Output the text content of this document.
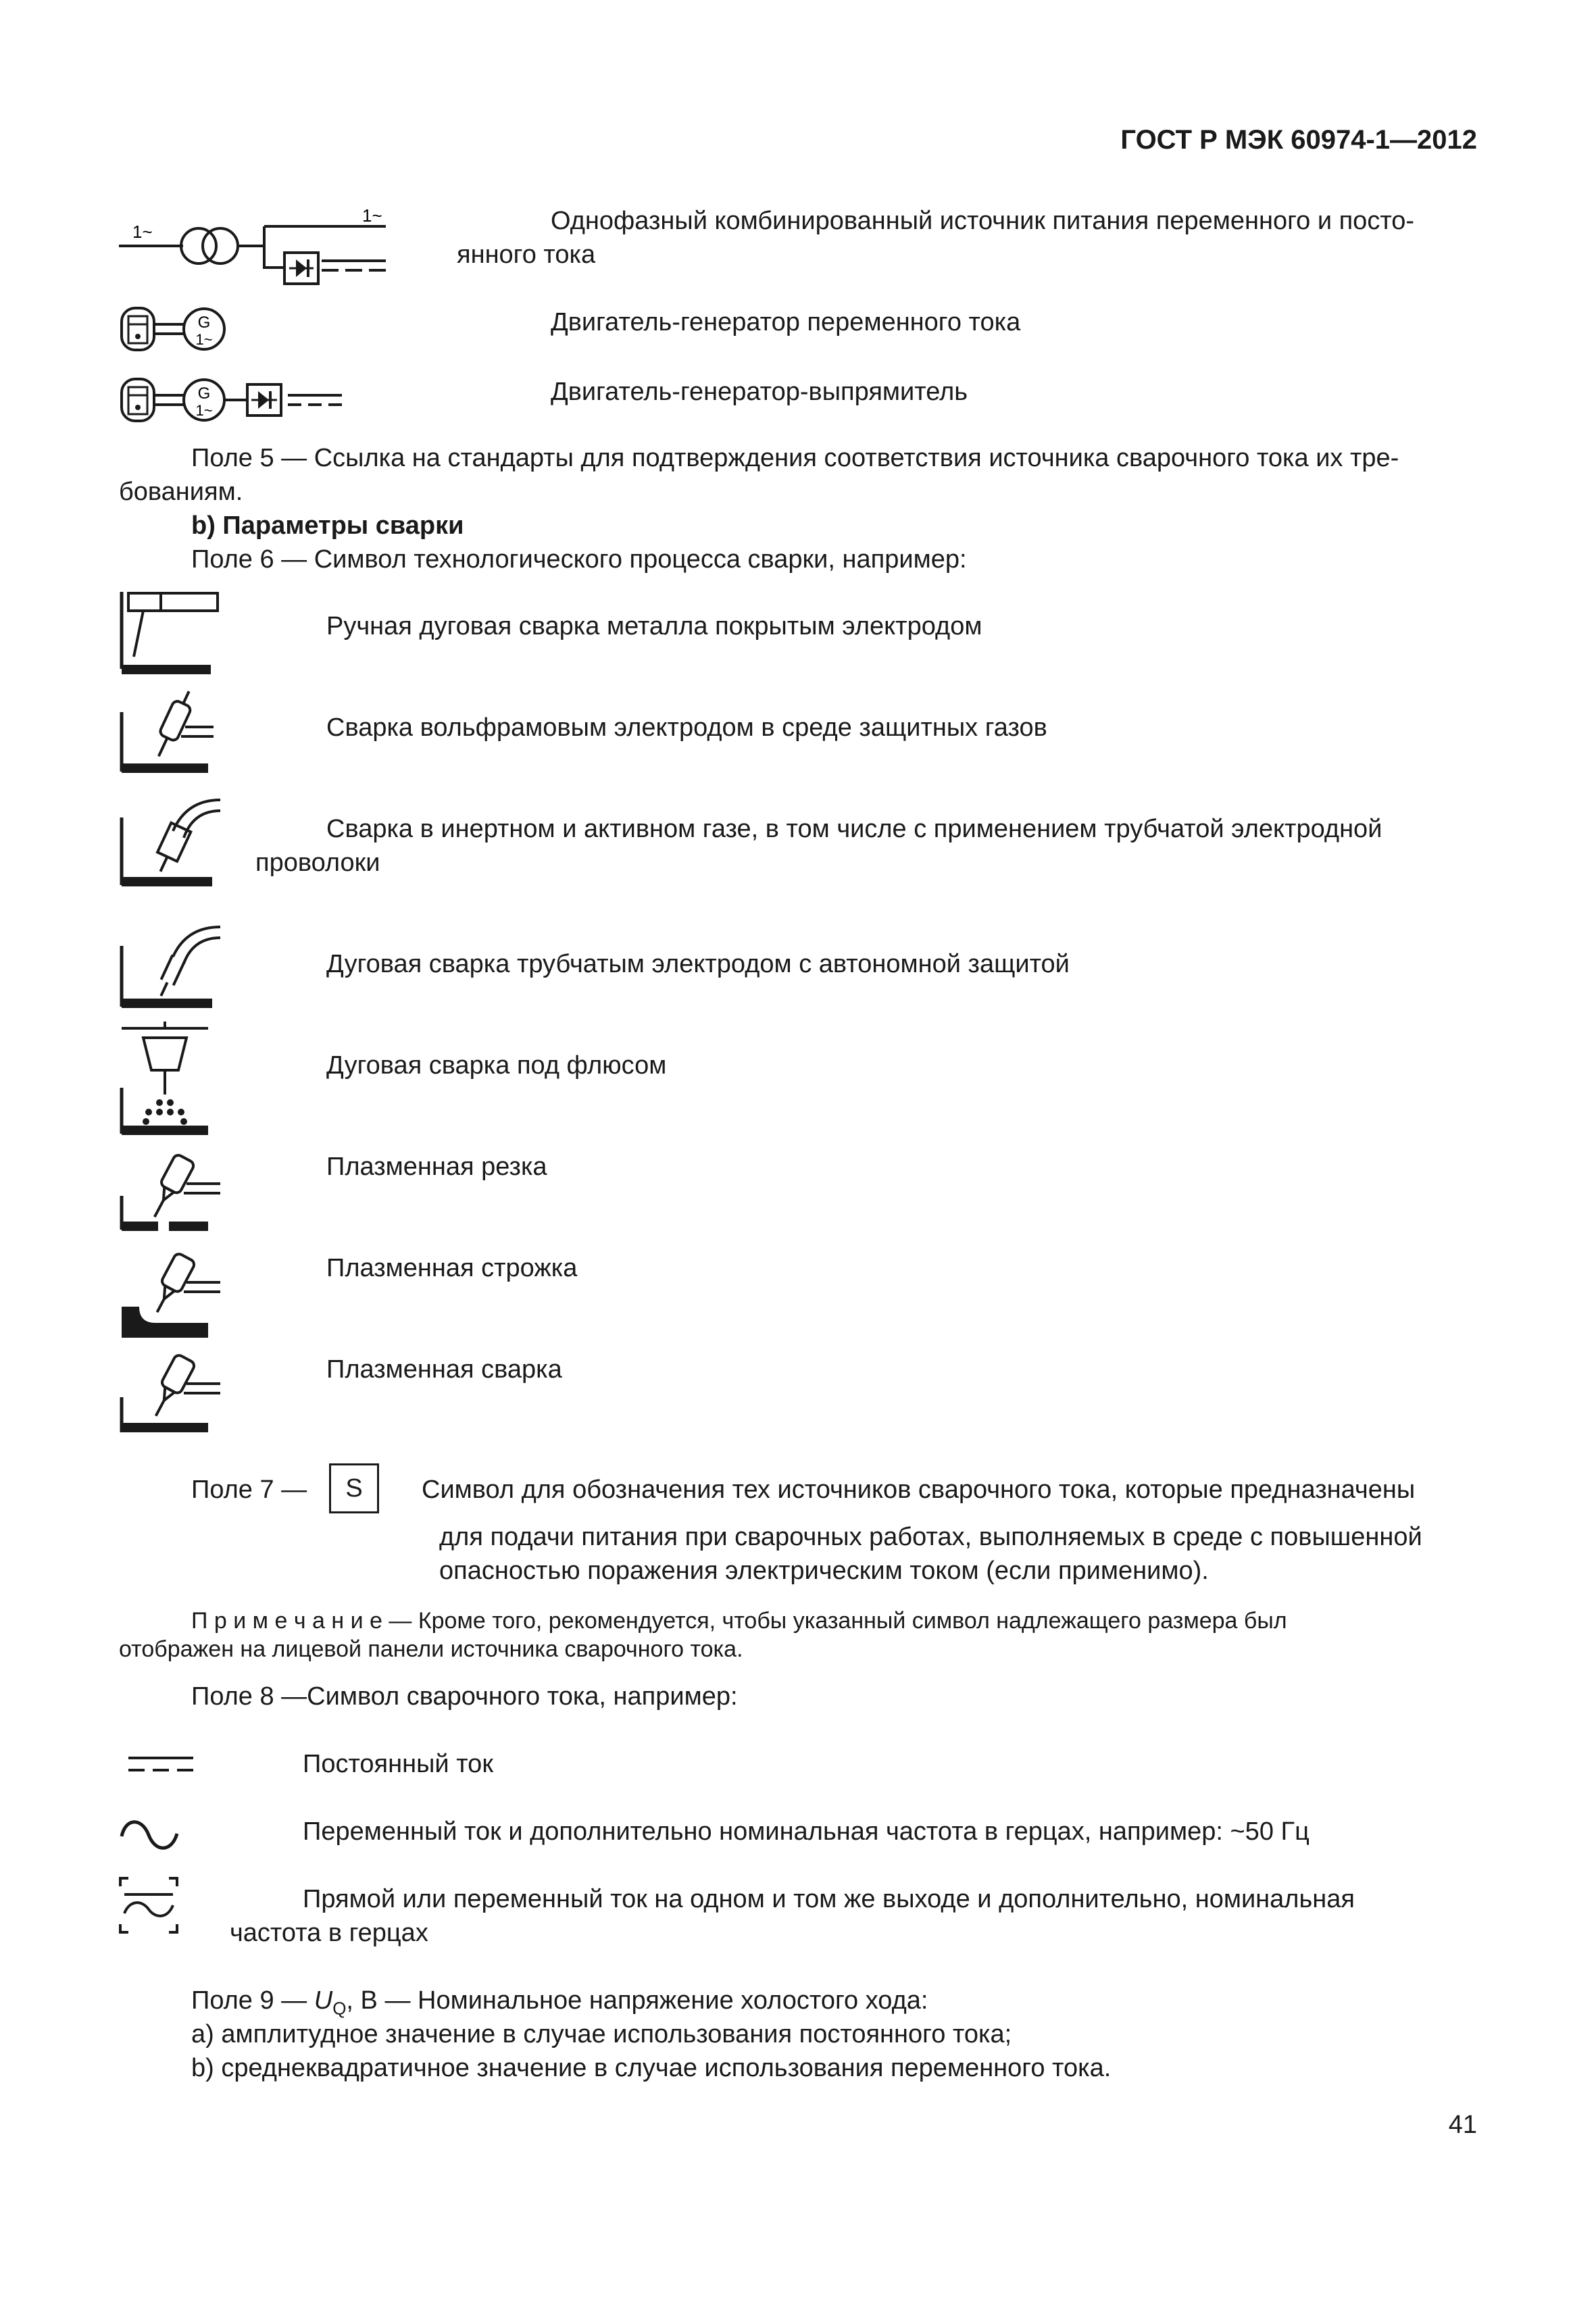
ГОСТ Р МЭК 60974-1—2012
1~
1~	Однофазный комбинированный источник питания переменного и посто-
янного тока
G
1~
Двигатель-генератор переменного тока
G
1~
Двигатель-генератор-выпрямитель
Поле 5 — Ссылка на стандарты для подтверждения соответствия источника сварочного тока их тре-
бованиям.
b) Параметры сварки
Поле 6 — Символ технологического процесса сварки, например:
Ручная дуговая сварка металла покрытым электродом
Сварка вольфрамовым электродом в среде защитных газов
Сварка в инертном и активном газе, в том числе с применением трубчатой электродной
проволоки
Дуговая сварка трубчатым электродом с автономной защитой
Дуговая сварка под флюсом
Плазменная резка
Плазменная строжка
Плазменная сварка
Поле 7 —	S	Символ для обозначения тех источников сварочного тока, которые предназначены
для подачи питания при сварочных работах, выполняемых в среде с повышенной
опасностью поражения электрическим током (если применимо).
П р и м е ч а н и е — Кроме того, рекомендуется, чтобы указанный символ надлежащего размера был
отображен на лицевой панели источника сварочного тока.
Поле 8 —Символ сварочного тока, например:
Постоянный ток
Переменный ток и дополнительно номинальная частота в герцах, например: ~50 Гц
Прямой или переменный ток на одном и том же выходе и дополнительно, номинальная
частота в герцах
Поле 9 — $U_Q$, В — Номинальное напряжение холостого хода:
a) амплитудное значение в случае использования постоянного тока;
b) среднеквадратичное значение в случае использования переменного тока.
41
